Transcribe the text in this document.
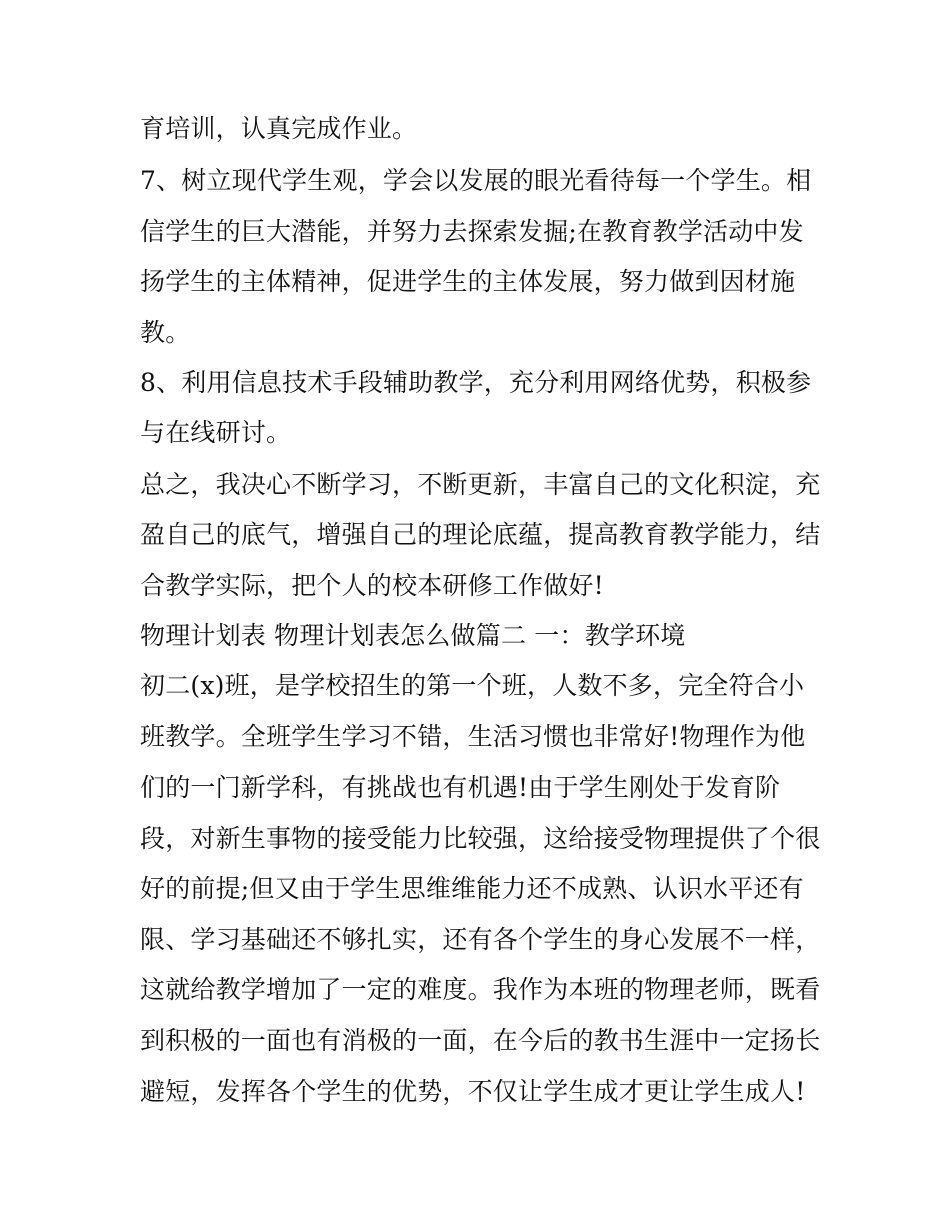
育培训，认真完成作业。
7、树立现代学生观，学会以发展的眼光看待每一个学生。相
信学生的巨大潜能，并努力去探索发掘;在教育教学活动中发
扬学生的主体精神，促进学生的主体发展，努力做到因材施
教。
8、利用信息技术手段辅助教学，充分利用网络优势，积极参
与在线研讨。
总之，我决心不断学习，不断更新，丰富自己的文化积淀，充
盈自己的底气，增强自己的理论底蕴，提高教育教学能力，结
合教学实际，把个人的校本研修工作做好!
物理计划表 物理计划表怎么做篇二 一：教学环境
初二(x)班，是学校招生的第一个班，人数不多，完全符合小
班教学。全班学生学习不错，生活习惯也非常好!物理作为他
们的一门新学科，有挑战也有机遇!由于学生刚处于发育阶
段，对新生事物的接受能力比较强，这给接受物理提供了个很
好的前提;但又由于学生思维维能力还不成熟、认识水平还有
限、学习基础还不够扎实，还有各个学生的身心发展不一样，
这就给教学增加了一定的难度。我作为本班的物理老师，既看
到积极的一面也有消极的一面，在今后的教书生涯中一定扬长
避短，发挥各个学生的优势，不仅让学生成才更让学生成人!
